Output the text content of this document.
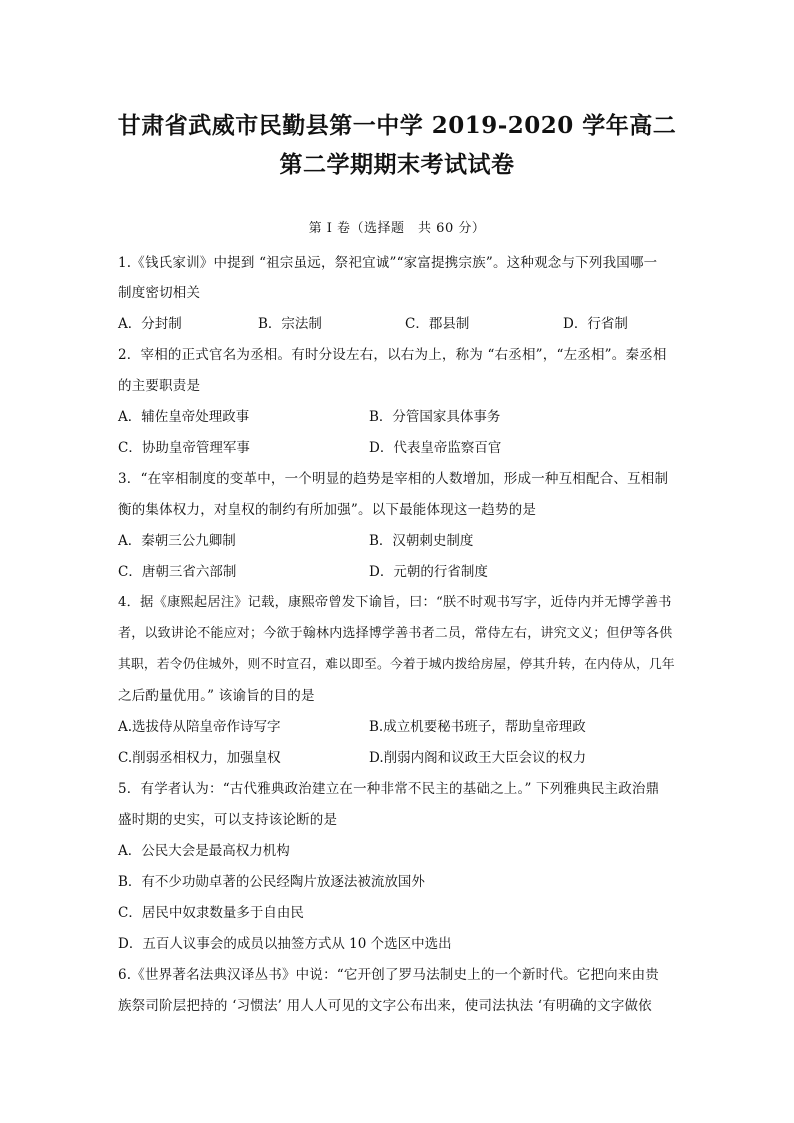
甘肃省武威市民勤县第一中学 2019-2020 学年高二
第二学期期末考试试卷
第 I 卷（选择题　共 60 分）
1.《钱氏家训》中提到 “祖宗虽远，祭祀宜诚”“家富提携宗族”。这种观念与下列我国哪一
制度密切相关
A．分封制	B．宗法制	C．郡县制	D．行省制
2．宰相的正式官名为丞相。有时分设左右，以右为上，称为 “右丞相”，“左丞相”。秦丞相
的主要职责是
A．辅佐皇帝处理政事	B．分管国家具体事务
C．协助皇帝管理军事	D．代表皇帝监察百官
3．“在宰相制度的变革中，一个明显的趋势是宰相的人数增加，形成一种互相配合、互相制
衡的集体权力，对皇权的制约有所加强”。以下最能体现这一趋势的是
A．秦朝三公九卿制	B．汉朝刺史制度
C．唐朝三省六部制	D．元朝的行省制度
4．据《康熙起居注》记载，康熙帝曾发下谕旨，曰：“朕不时观书写字，近侍内并无博学善书
者，以致讲论不能应对；今欲于翰林内选择博学善书者二员，常侍左右，讲究文义；但伊等各供
其职，若令仍住城外，则不时宣召，难以即至。今着于城内拨给房屋，停其升转，在内侍从，几年
之后酌量优用。” 该谕旨的目的是
A.选拔侍从陪皇帝作诗写字	B.成立机要秘书班子，帮助皇帝理政
C.削弱丞相权力，加强皇权	D.削弱内阁和议政王大臣会议的权力
5．有学者认为：“古代雅典政治建立在一种非常不民主的基础之上。” 下列雅典民主政治鼎
盛时期的史实，可以支持该论断的是
A．公民大会是最高权力机构
B．有不少功勋卓著的公民经陶片放逐法被流放国外
C．居民中奴隶数量多于自由民
D．五百人议事会的成员以抽签方式从 10 个选区中选出
6.《世界著名法典汉译丛书》中说：“它开创了罗马法制史上的一个新时代。它把向来由贵
族祭司阶层把持的 ‘习惯法’ 用人人可见的文字公布出来，使司法执法 ‘有明确的文字做依
